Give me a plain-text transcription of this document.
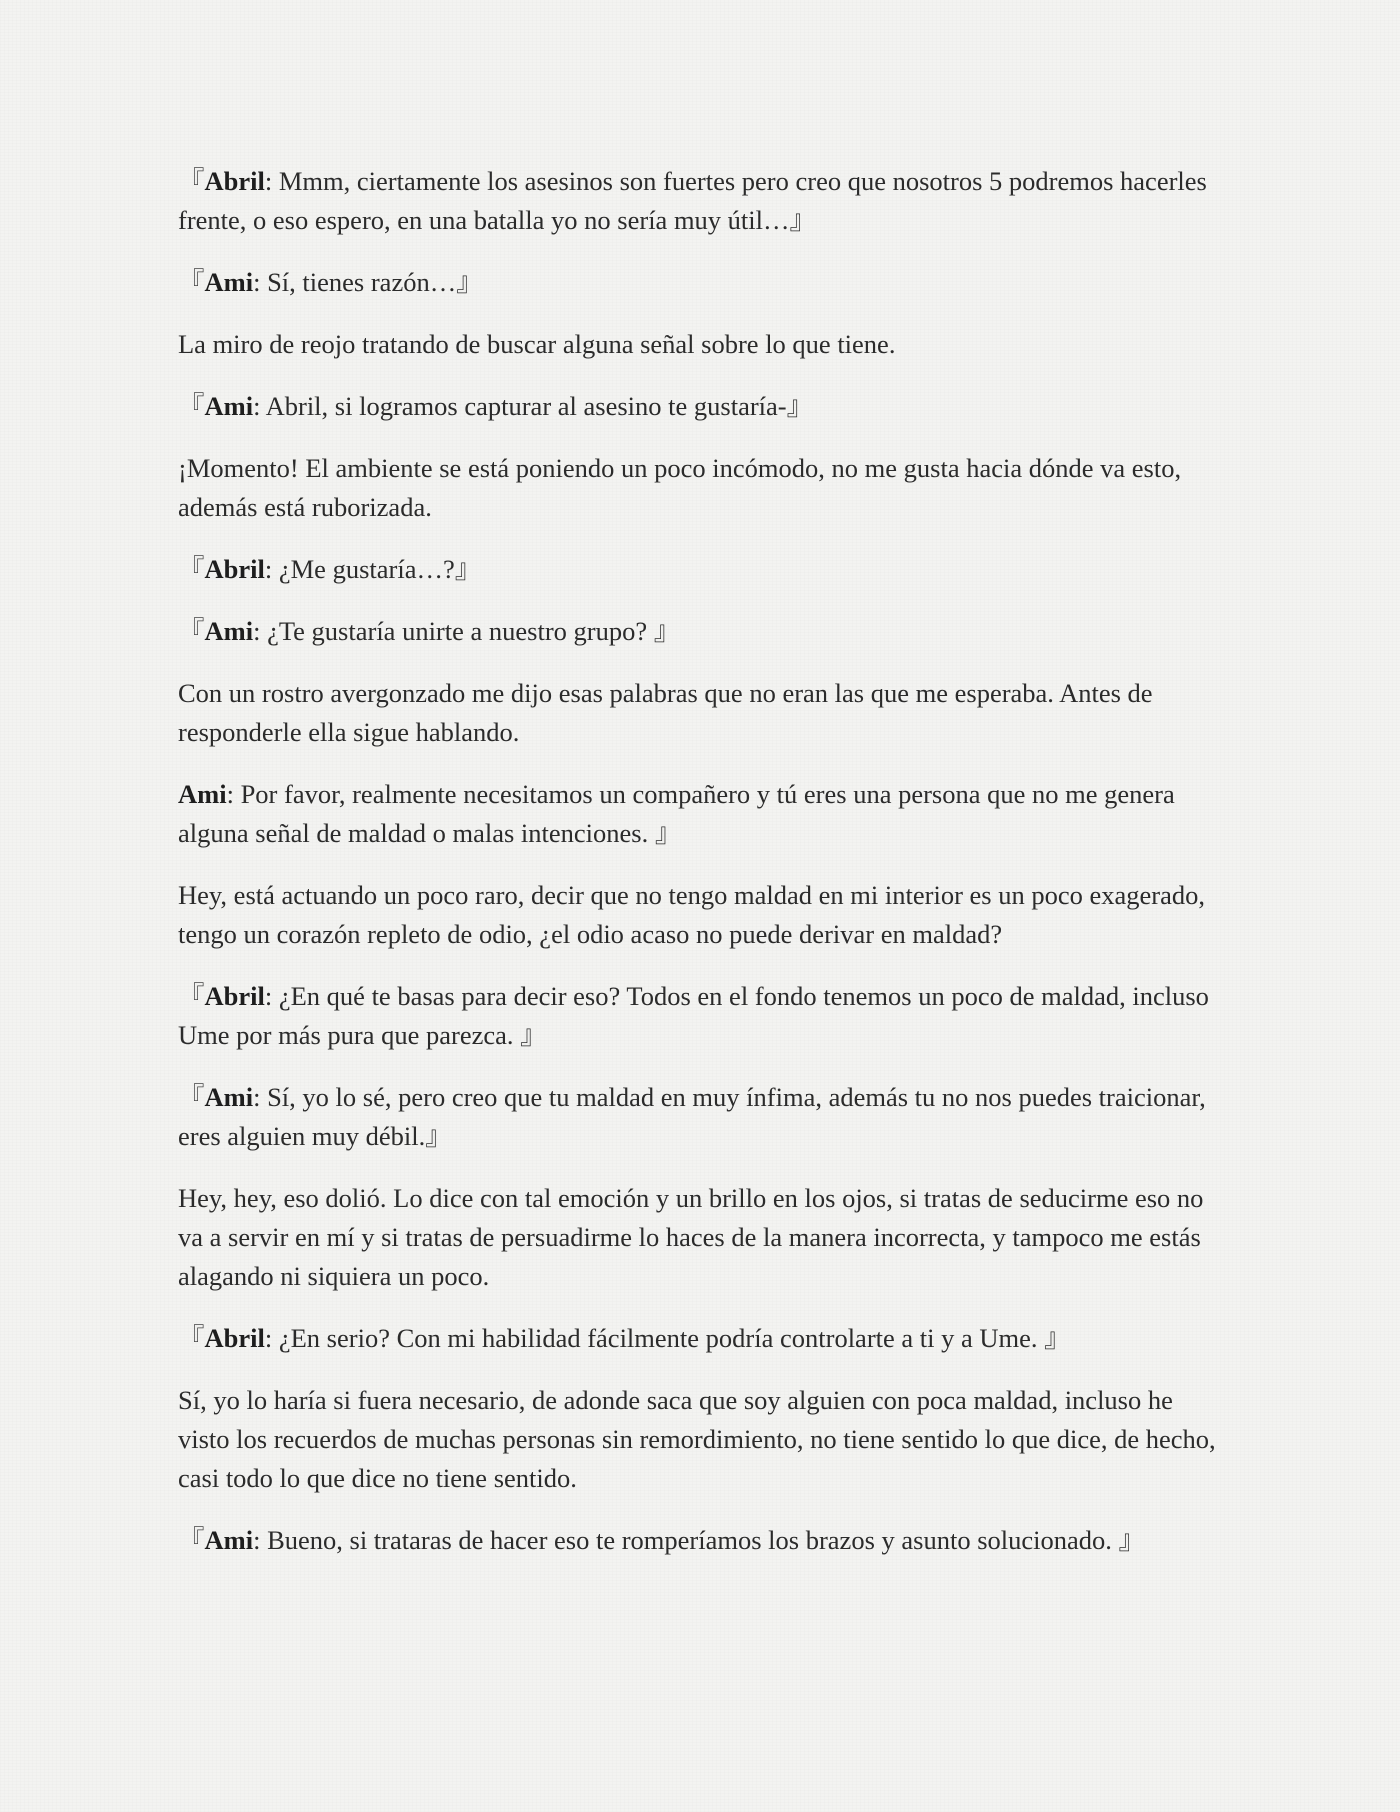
『Abril: Mmm, ciertamente los asesinos son fuertes pero creo que nosotros 5 podremos hacerles frente, o eso espero, en una batalla yo no sería muy útil…』

『Ami: Sí, tienes razón…』

La miro de reojo tratando de buscar alguna señal sobre lo que tiene.

『Ami: Abril, si logramos capturar al asesino te gustaría-』

¡Momento! El ambiente se está poniendo un poco incómodo, no me gusta hacia dónde va esto, además está ruborizada.

『Abril: ¿Me gustaría…?』

『Ami: ¿Te gustaría unirte a nuestro grupo? 』

Con un rostro avergonzado me dijo esas palabras que no eran las que me esperaba. Antes de responderle ella sigue hablando.

Ami: Por favor, realmente necesitamos un compañero y tú eres una persona que no me genera alguna señal de maldad o malas intenciones. 』

Hey, está actuando un poco raro, decir que no tengo maldad en mi interior es un poco exagerado, tengo un corazón repleto de odio, ¿el odio acaso no puede derivar en maldad?

『Abril: ¿En qué te basas para decir eso? Todos en el fondo tenemos un poco de maldad, incluso Ume por más pura que parezca. 』

『Ami: Sí, yo lo sé, pero creo que tu maldad en muy ínfima, además tu no nos puedes traicionar, eres alguien muy débil.』

Hey, hey, eso dolió. Lo dice con tal emoción y un brillo en los ojos, si tratas de seducirme eso no va a servir en mí y si tratas de persuadirme lo haces de la manera incorrecta, y tampoco me estás alagando ni siquiera un poco.

『Abril: ¿En serio? Con mi habilidad fácilmente podría controlarte a ti y a Ume. 』

Sí, yo lo haría si fuera necesario, de adonde saca que soy alguien con poca maldad, incluso he visto los recuerdos de muchas personas sin remordimiento, no tiene sentido lo que dice, de hecho, casi todo lo que dice no tiene sentido.

『Ami: Bueno, si trataras de hacer eso te romperíamos los brazos y asunto solucionado. 』
